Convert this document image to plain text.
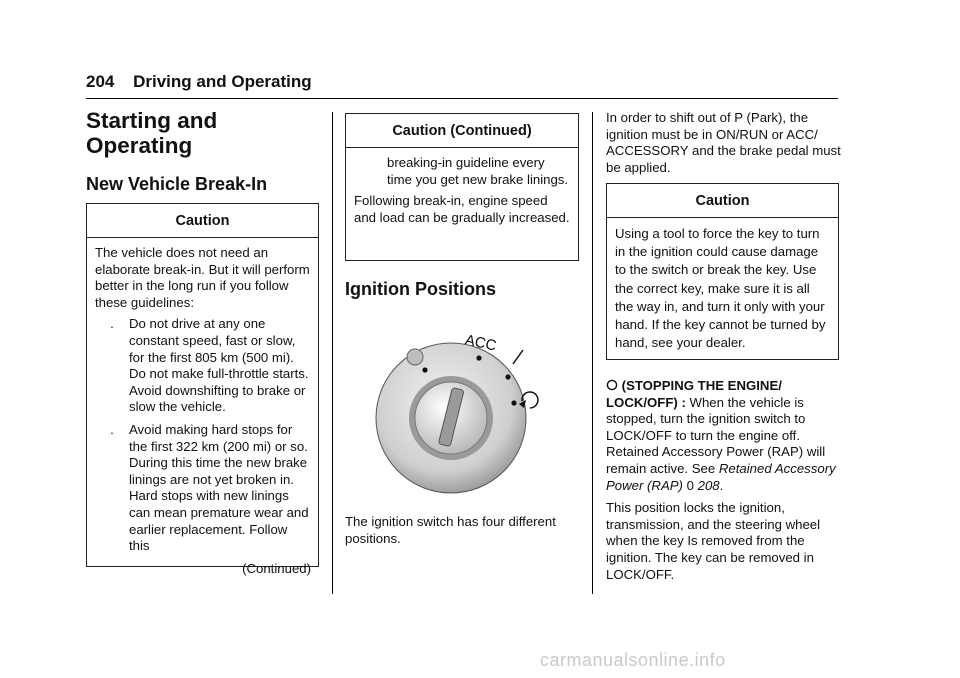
204 Driving and Operating
Starting and Operating
New Vehicle Break-In
Caution

The vehicle does not need an elaborate break-in. But it will perform better in the long run if you follow these guidelines:

.	Do not drive at any one constant speed, fast or slow, for the first 805 km (500 mi). Do not make full-throttle starts. Avoid downshifting to brake or slow the vehicle.
.	Avoid making hard stops for the first 322 km (200 mi) or so. During this time the new brake linings are not yet broken in. Hard stops with new linings can mean premature wear and earlier replacement. Follow this
(Continued)
Caution (Continued)

breaking-in guideline every time you get new brake linings.

Following break-in, engine speed and load can be gradually increased.

Ignition Positions
ACC
The ignition switch has four different positions.
In order to shift out of P (Park), the ignition must be in ON/RUN or ACC/ ACCESSORY and the brake pedal must be applied.
Caution

Using a tool to force the key to turn in the ignition could cause damage to the switch or break the key. Use the correct key, make sure it is all the way in, and turn it only with your hand. If the key cannot be turned by hand, see your dealer.

(STOPPING THE ENGINE/ LOCK/OFF) : When the vehicle is stopped, turn the ignition switch to LOCK/OFF to turn the engine off. Retained Accessory Power (RAP) will remain active. See Retained Accessory Power (RAP) 0 208.

This position locks the ignition, transmission, and the steering wheel when the key Is removed from the ignition. The key can be removed in LOCK/OFF.

carmanualsonline.info
